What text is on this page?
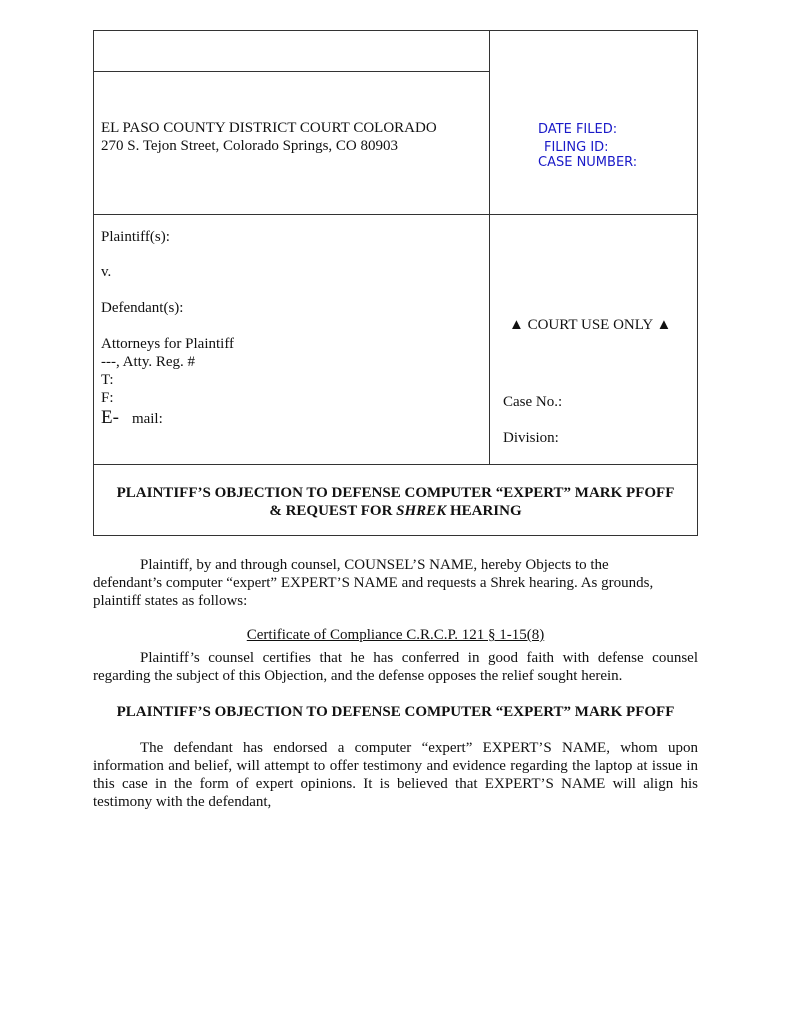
EL PASO COUNTY DISTRICT COURT COLORADO
270 S. Tejon Street, Colorado Springs, CO 80903
DATE FILED:
FILING ID:
CASE NUMBER:
Plaintiff(s):
v.
Defendant(s):
Attorneys for Plaintiff
---, Atty. Reg. #
T:
F:
E- mail:
▲ COURT USE ONLY ▲
Case No.:
Division:
PLAINTIFF’S OBJECTION TO DEFENSE COMPUTER “EXPERT” MARK PFOFF
& REQUEST FOR SHREK HEARING
Plaintiff, by and through counsel, COUNSEL’S NAME, hereby Objects to the
defendant’s computer “expert” EXPERT’S NAME and requests a Shrek hearing. As grounds,
plaintiff states as follows:
Certificate of Compliance C.R.C.P. 121 § 1-15(8)
Plaintiff’s counsel certifies that he has conferred in good faith with defense counsel regarding the subject of this Objection, and the defense opposes the relief sought herein.
PLAINTIFF’S OBJECTION TO DEFENSE COMPUTER “EXPERT” MARK PFOFF
The defendant has endorsed a computer “expert” EXPERT’S NAME, whom upon information and belief, will attempt to offer testimony and evidence regarding the laptop at issue in this case in the form of expert opinions. It is believed that EXPERT’S NAME will align his testimony with the defendant,
